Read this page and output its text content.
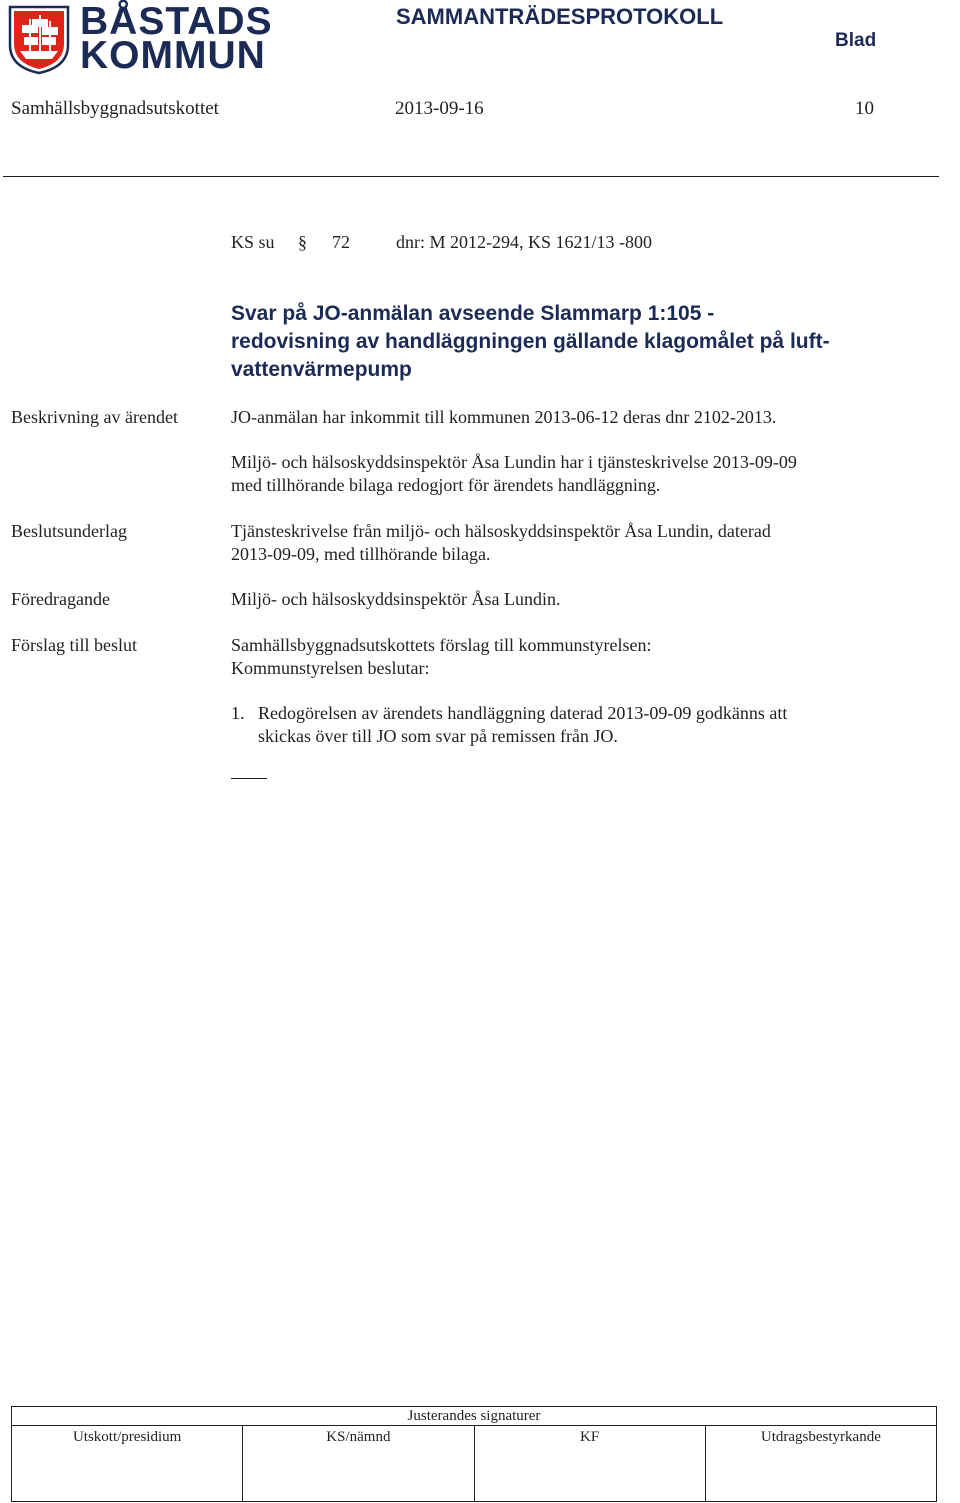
BÅSTADS
KOMMUN
SAMMANTRÄDESPROTOKOLL
Blad
Samhällsbyggnadsutskottet	2013-09-16	10
KS su § 72	dnr: M 2012-294, KS 1621/13 -800
Svar på JO-anmälan avseende Slammarp 1:105 -
redovisning av handläggningen gällande klagomålet på luft-
vattenvärmepump
Beskrivning av ärendet	JO-anmälan har inkommit till kommunen 2013-06-12 deras dnr 2102-2013.
Miljö- och hälsoskyddsinspektör Åsa Lundin har i tjänsteskrivelse 2013-09-09
med tillhörande bilaga redogjort för ärendets handläggning.
Beslutsunderlag	Tjänsteskrivelse från miljö- och hälsoskyddsinspektör Åsa Lundin, daterad
2013-09-09, med tillhörande bilaga.
Föredragande	Miljö- och hälsoskyddsinspektör Åsa Lundin.
Förslag till beslut	Samhällsbyggnadsutskottets förslag till kommunstyrelsen:
Kommunstyrelsen beslutar:
1. Redogörelsen av ärendets handläggning daterad 2013-09-09 godkänns att
skickas över till JO som svar på remissen från JO.
Justerandes signaturer
Utskott/presidium	KS/nämnd	KF	Utdragsbestyrkande
